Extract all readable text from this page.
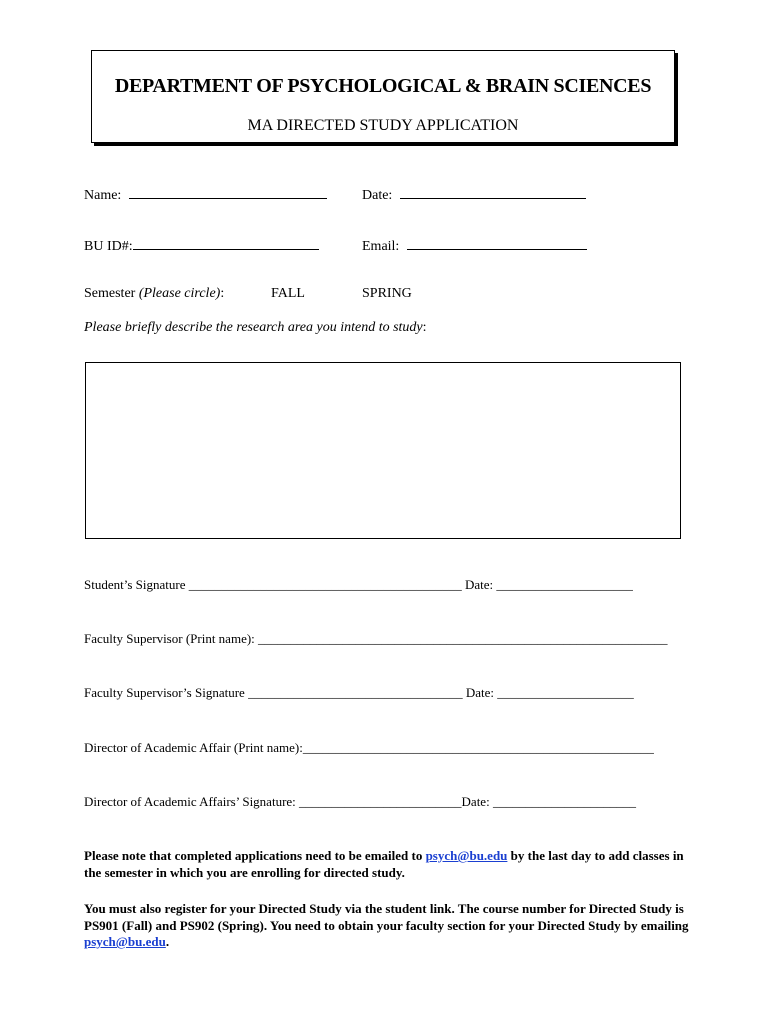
DEPARTMENT OF PSYCHOLOGICAL & BRAIN SCIENCES
MA DIRECTED STUDY APPLICATION
Name:	Date:
BU ID#:	Email:
Semester (Please circle):	FALL	SPRING
Please briefly describe the research area you intend to study:
Student’s Signature __________________________________________ Date: _____________________
Faculty Supervisor (Print name): _______________________________________________________________
Faculty Supervisor’s Signature _________________________________ Date: _____________________
Director of Academic Affair (Print name):______________________________________________________
Director of Academic Affairs’ Signature: _________________________Date: ______________________
Please note that completed applications need to be emailed to psych@bu.edu by the last day to add classes in the semester in which you are enrolling for directed study.
You must also register for your Directed Study via the student link. The course number for Directed Study is PS901 (Fall) and PS902 (Spring). You need to obtain your faculty section for your Directed Study by emailing psych@bu.edu.
